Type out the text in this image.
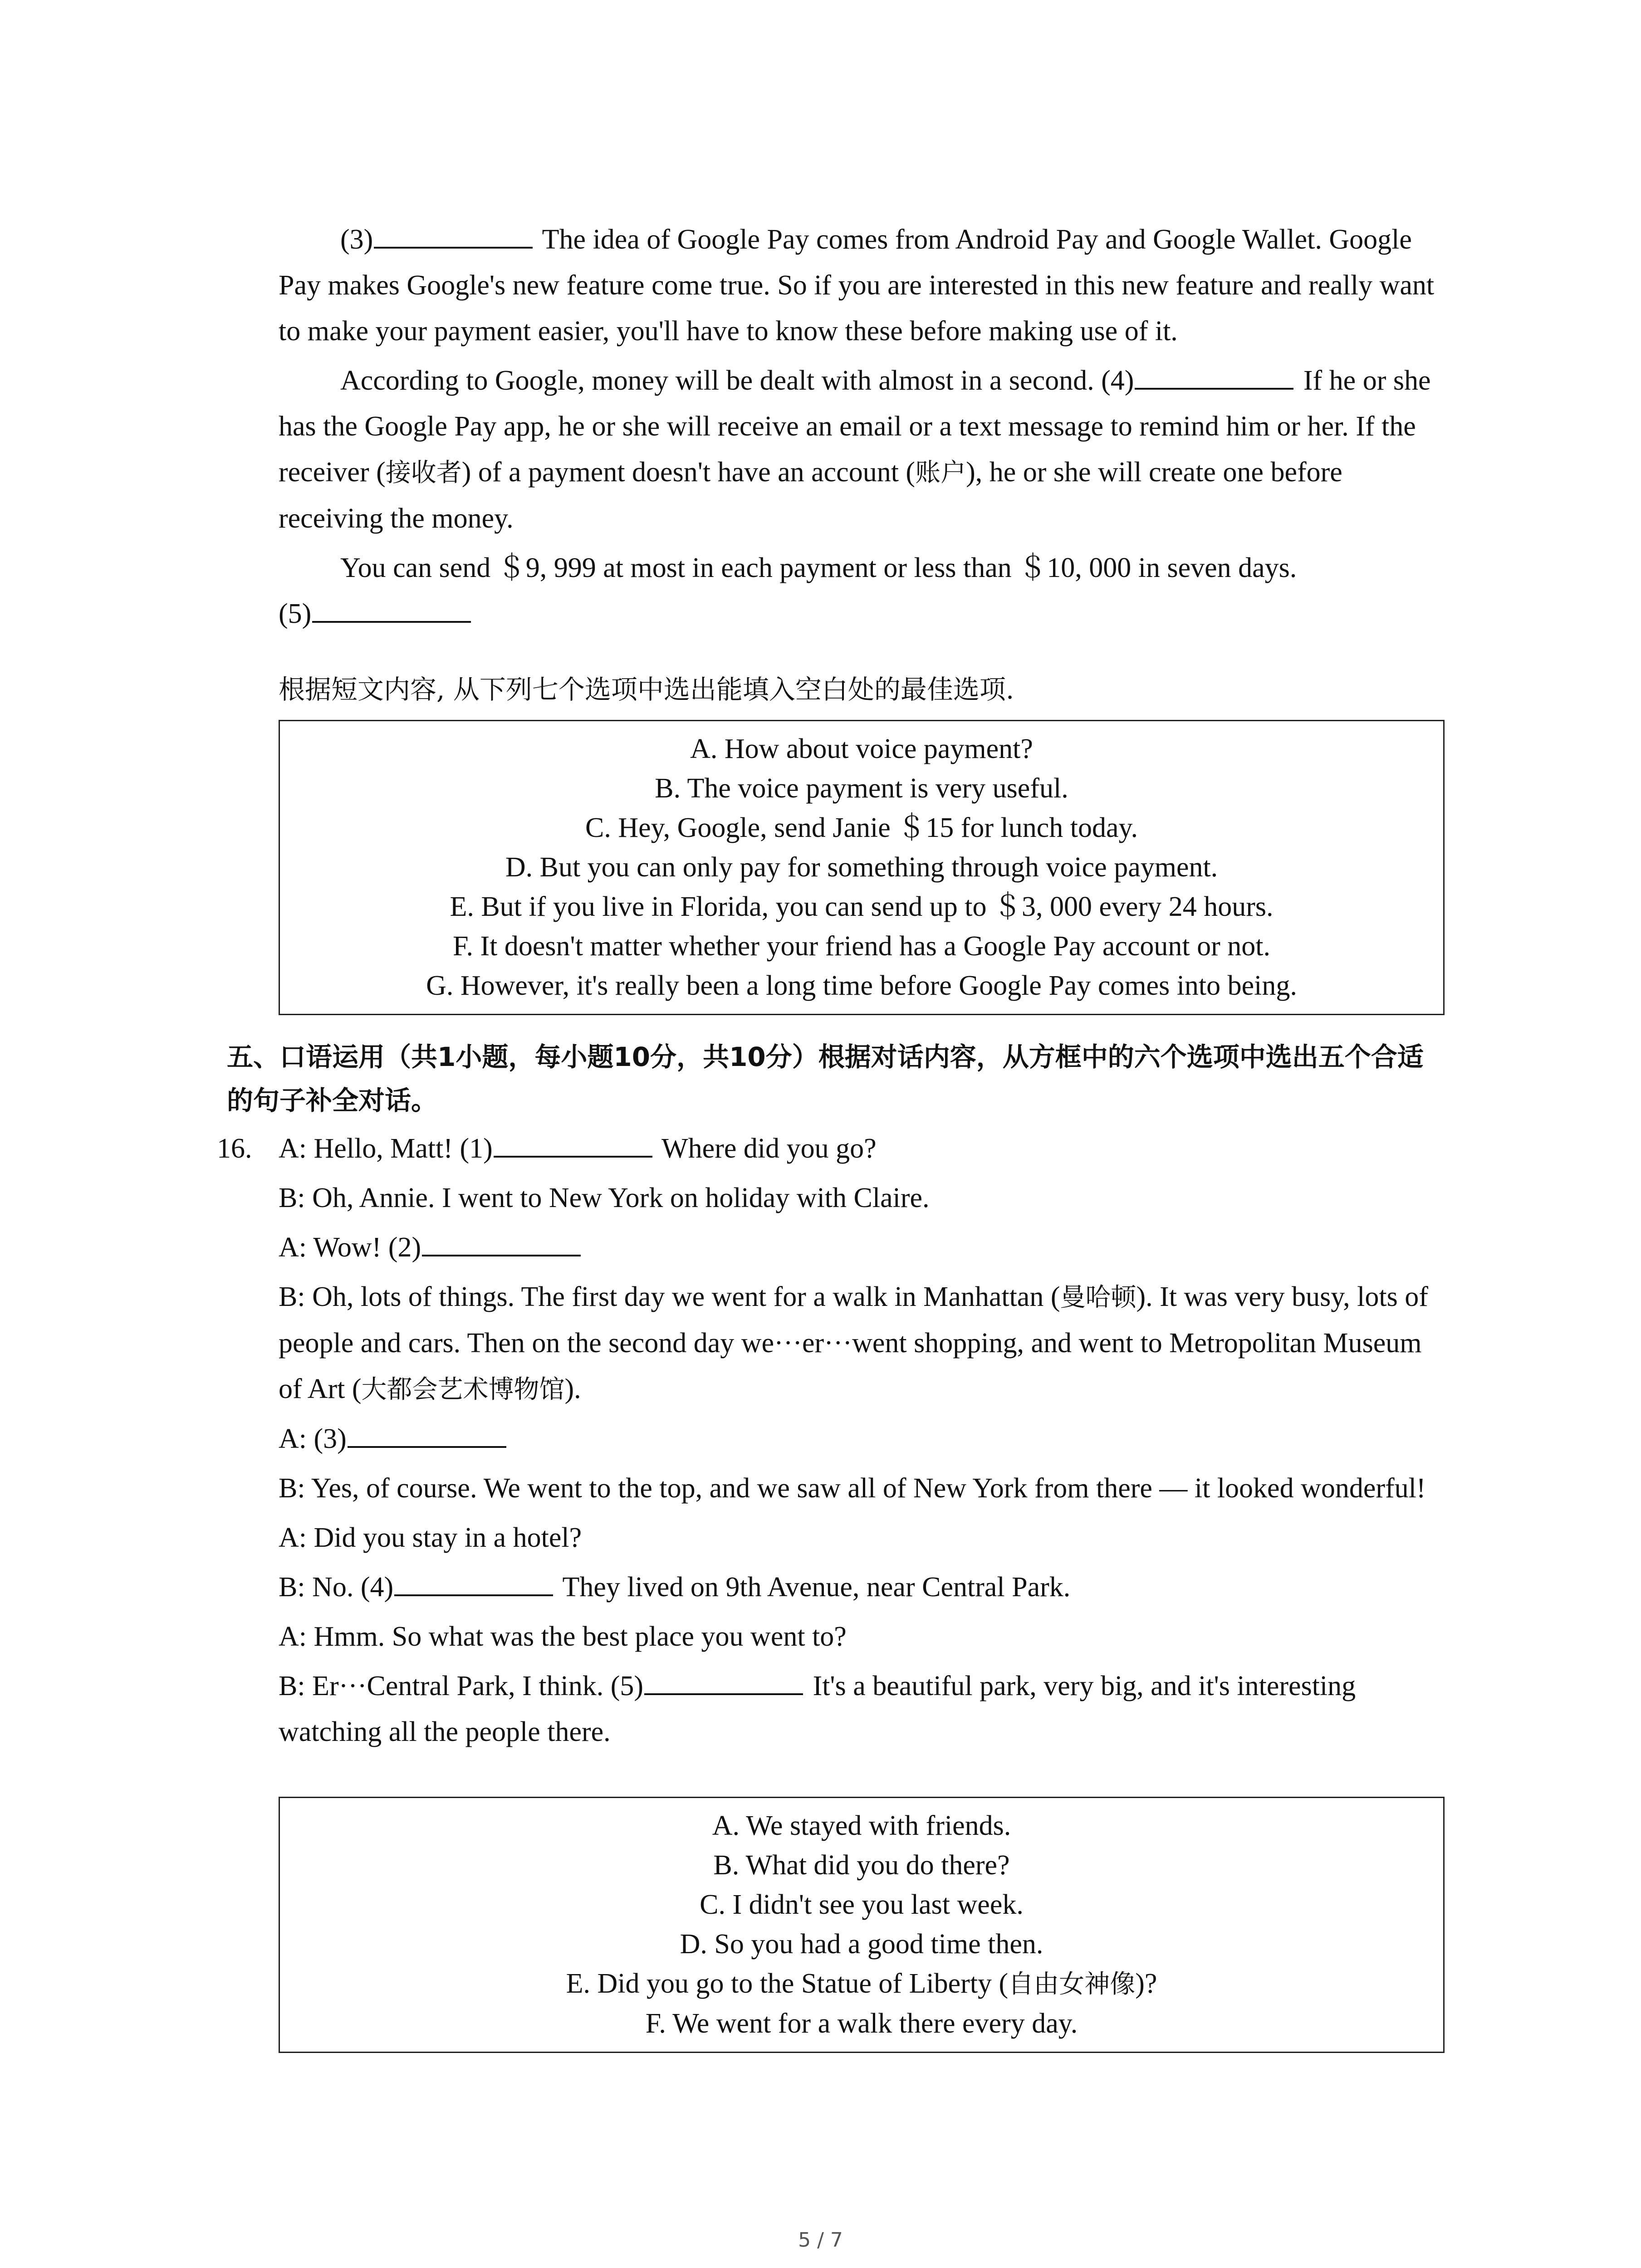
(3)	The idea of Google Pay comes from Android Pay and Google Wallet. Google Pay makes Google's new feature come true. So if you are interested in this new feature and really want to make your payment easier, you'll have to know these before making use of it.

According to Google, money will be dealt with almost in a second. (4)	If he or she has the Google Pay app, he or she will receive an email or a text message to remind him or her. If the receiver (接收者) of a payment doesn't have an account (账户), he or she will create one before receiving the money.

You can send ＄9, 999 at most in each payment or less than ＄10, 000 in seven days.

(5)

根据短文内容, 从下列七个选项中选出能填入空白处的最佳选项.

A. How about voice payment?
B. The voice payment is very useful.
C. Hey, Google, send Janie ＄15 for lunch today.
D. But you can only pay for something through voice payment.
E. But if you live in Florida, you can send up to ＄3, 000 every 24 hours.
F. It doesn't matter whether your friend has a Google Pay account or not.
G. However, it's really been a long time before Google Pay comes into being.

五、口语运用（共1小题，每小题10分，共10分）根据对话内容，从方框中的六个选项中选出五个合适的句子补全对话。

16. A: Hello, Matt! (1)	Where did you go?

B: Oh, Annie. I went to New York on holiday with Claire.

A: Wow! (2)

B: Oh, lots of things. The first day we went for a walk in Manhattan (曼哈顿). It was very busy, lots of people and cars. Then on the second day we···er···went shopping, and went to Metropolitan Museum of Art (大都会艺术博物馆).

A: (3)

B: Yes, of course. We went to the top, and we saw all of New York from there — it looked wonderful!

A: Did you stay in a hotel?

B: No. (4)	They lived on 9th Avenue, near Central Park.

A: Hmm. So what was the best place you went to?

B: Er···Central Park, I think. (5)	It's a beautiful park, very big, and it's interesting watching all the people there.

A. We stayed with friends.
B. What did you do there?
C. I didn't see you last week.
D. So you had a good time then.
E. Did you go to the Statue of Liberty (自由女神像)?
F. We went for a walk there every day.
5 / 7
